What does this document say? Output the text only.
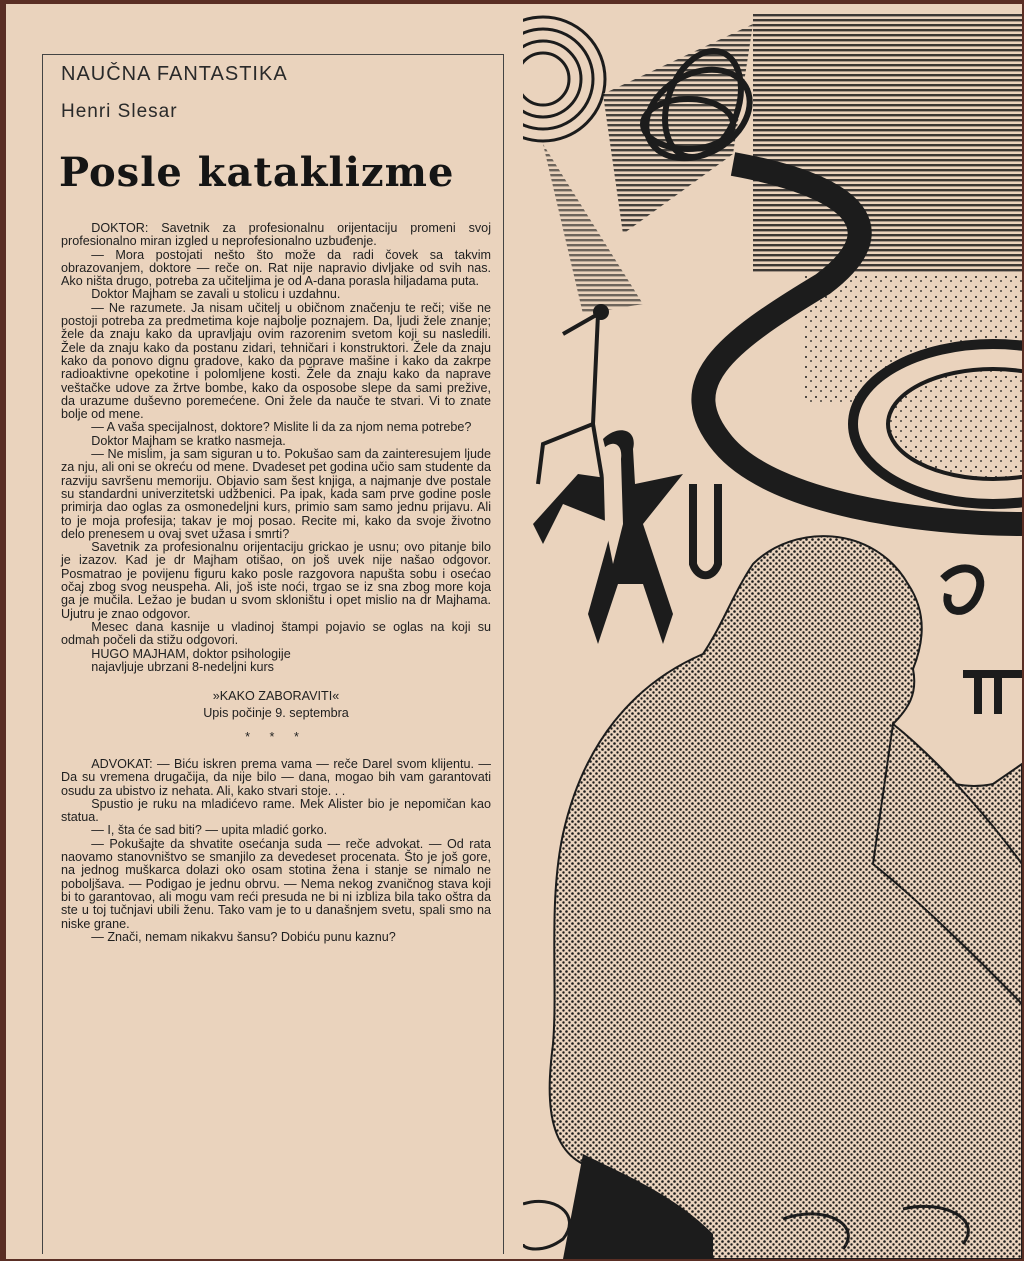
NAUČNA FANTASTIKA
Henri Slesar
Posle kataklizme

DOKTOR: Savetnik za profesionalnu orijentaciju promeni svoj profesionalno miran izgled u neprofesionalno uzbuđenje.

— Mora postojati nešto što može da radi čovek sa takvim obrazovanjem, doktore — reče on. Rat nije napravio divljake od svih nas. Ako ništa drugo, potreba za učiteljima je od A-dana porasla hiljadama puta.

Doktor Majham se zavali u stolicu i uzdahnu.

— Ne razumete. Ja nisam učitelj u običnom značenju te reči; više ne postoji potreba za predmetima koje najbolje poznajem. Da, ljudi žele znanje; žele da znaju kako da upravljaju ovim razorenim svetom koji su nasledili. Žele da znaju kako da postanu zidari, tehničari i konstruktori. Žele da znaju kako da ponovo dignu gradove, kako da poprave mašine i kako da zakrpe radioaktivne opekotine i polomljene kosti. Žele da znaju kako da naprave veštačke udove za žrtve bombe, kako da osposobe slepe da sami preživе, da urazume duševno poremećene. Oni žele da nauče te stvari. Vi to znate bolje od mene.

— A vaša specijalnost, doktore? Mislite li da za njom nema potrebe?

Doktor Majham se kratko nasmeja.

— Ne mislim, ja sam siguran u to. Pokušao sam da zainteresujem ljude za nju, ali oni se okreću od mene. Dvadeset pet godina učio sam studente da razviju savršenu memoriju. Objavio sam šest knjiga, a najmanje dve postale su standardni univerzitetski udžbenici. Pa ipak, kada sam prve godine posle primirja dao oglas za osmonedeljni kurs, primio sam samo jednu prijavu. Ali to je moja profesija; takav je moj posao. Recite mi, kako da svoje životno delo prenesem u ovaj svet užasa i smrti?

Savetnik za profesionalnu orijentaciju grickao je usnu; ovo pitanje bilo je izazov. Kad je dr Majham otišao, on još uvek nije našao odgovor. Posmatrao je povijenu figuru kako posle razgovora napušta sobu i osećao očaj zbog svog neuspeha. Ali, još iste noći, trgao se iz sna zbog more koja ga je mučila. Ležao je budan u svom skloništu i opet mislio na dr Majhama. Ujutru je znao odgovor.

Mesec dana kasnije u vladinoj štampi pojavio se oglas na koji su odmah počeli da stižu odgovori.

HUGO MAJHAM, doktor psihologije

najavljuje ubrzani 8-nedeljni kurs

»KAKO ZABORAVITI«

Upis počinje 9. septembra

* * *

ADVOKAT: — Biću iskren prema vama — reče Darel svom klijentu. — Da su vremena drugačija, da nije bilo — dana, mogao bih vam garantovati osudu za ubistvo iz nehata. Ali, kako stvari stoje. . .

Spustio je ruku na mladićevo rame. Mek Alister bio je nepomičan kao statua.

— I, šta će sad biti? — upita mladić gorko.

— Pokušajte da shvatite osećanja suda — reče advokat. — Od rata naovamo stanovništvo se smanjilo za devedeset procenata. Što je još gore, na jednog muškarca dolazi oko osam stotina žena i stanje se nimalo ne poboljšava. — Podigao je jednu obrvu. — Nema nekog zvaničnog stava koji bi to garantovao, ali mogu vam reći presuda ne bi ni izbliza bila tako oštra da ste u toj tučnjavi ubili ženu. Tako vam je to u današnjem svetu, spali smo na niske grane.

— Znači, nemam nikakvu šansu? Dobiću punu kaznu?
